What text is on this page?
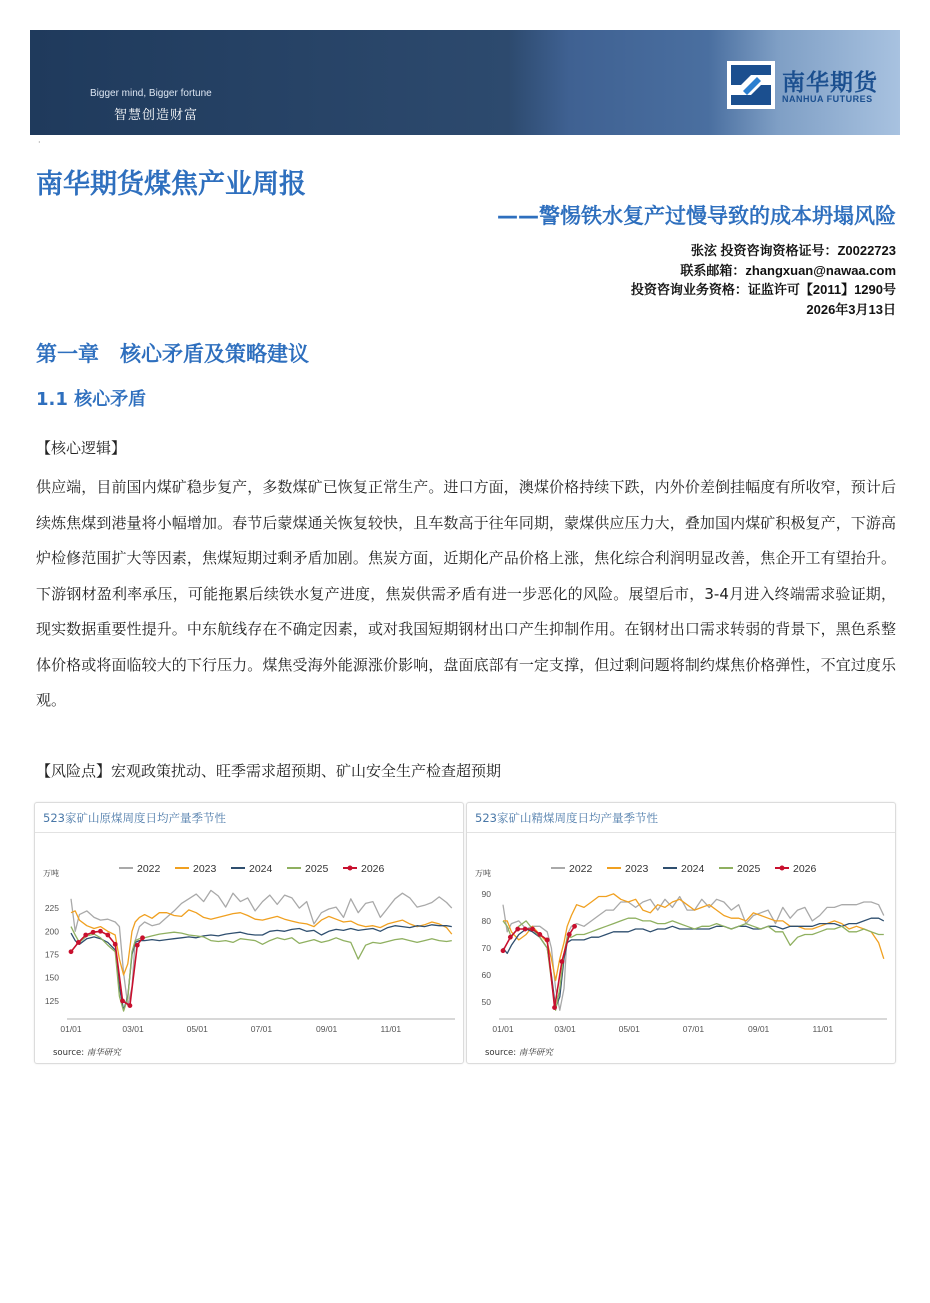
Bigger mind, Bigger fortune
智慧创造财富
南华期货
NANHUA FUTURES
·
南华期货煤焦产业周报
——警惕铁水复产过慢导致的成本坍塌风险
张泫 投资咨询资格证号：Z0022723
联系邮箱：zhangxuan@nawaa.com
投资咨询业务资格：证监许可【2011】1290号
2026年3月13日
第一章　核心矛盾及策略建议
1.1 核心矛盾
【核心逻辑】
供应端，目前国内煤矿稳步复产，多数煤矿已恢复正常生产。进口方面，澳煤价格持续下跌，内外价差倒挂幅度有所收窄，预计后续炼焦煤到港量将小幅增加。春节后蒙煤通关恢复较快，且车数高于往年同期，蒙煤供应压力大，叠加国内煤矿积极复产，下游高炉检修范围扩大等因素，焦煤短期过剩矛盾加剧。焦炭方面，近期化产品价格上涨，焦化综合利润明显改善，焦企开工有望抬升。下游钢材盈利率承压，可能拖累后续铁水复产进度，焦炭供需矛盾有进一步恶化的风险。展望后市，3-4月进入终端需求验证期，现实数据重要性提升。中东航线存在不确定因素，或对我国短期钢材出口产生抑制作用。在钢材出口需求转弱的背景下，黑色系整体价格或将面临较大的下行压力。煤焦受海外能源涨价影响，盘面底部有一定支撑，但过剩问题将制约煤焦价格弹性，不宜过度乐观。
【风险点】宏观政策扰动、旺季需求超预期、矿山安全生产检查超预期
523家矿山原煤周度日均产量季节性
2022	2023	2024	2025	2026
万吨
125
150
175
200
225
01/01	03/01	05/01	07/01	09/01	11/01
source: 南华研究
523家矿山精煤周度日均产量季节性
2022	2023	2024	2025	2026
万吨
50
60
70
80
90
01/01	03/01	05/01	07/01	09/01	11/01
source: 南华研究
